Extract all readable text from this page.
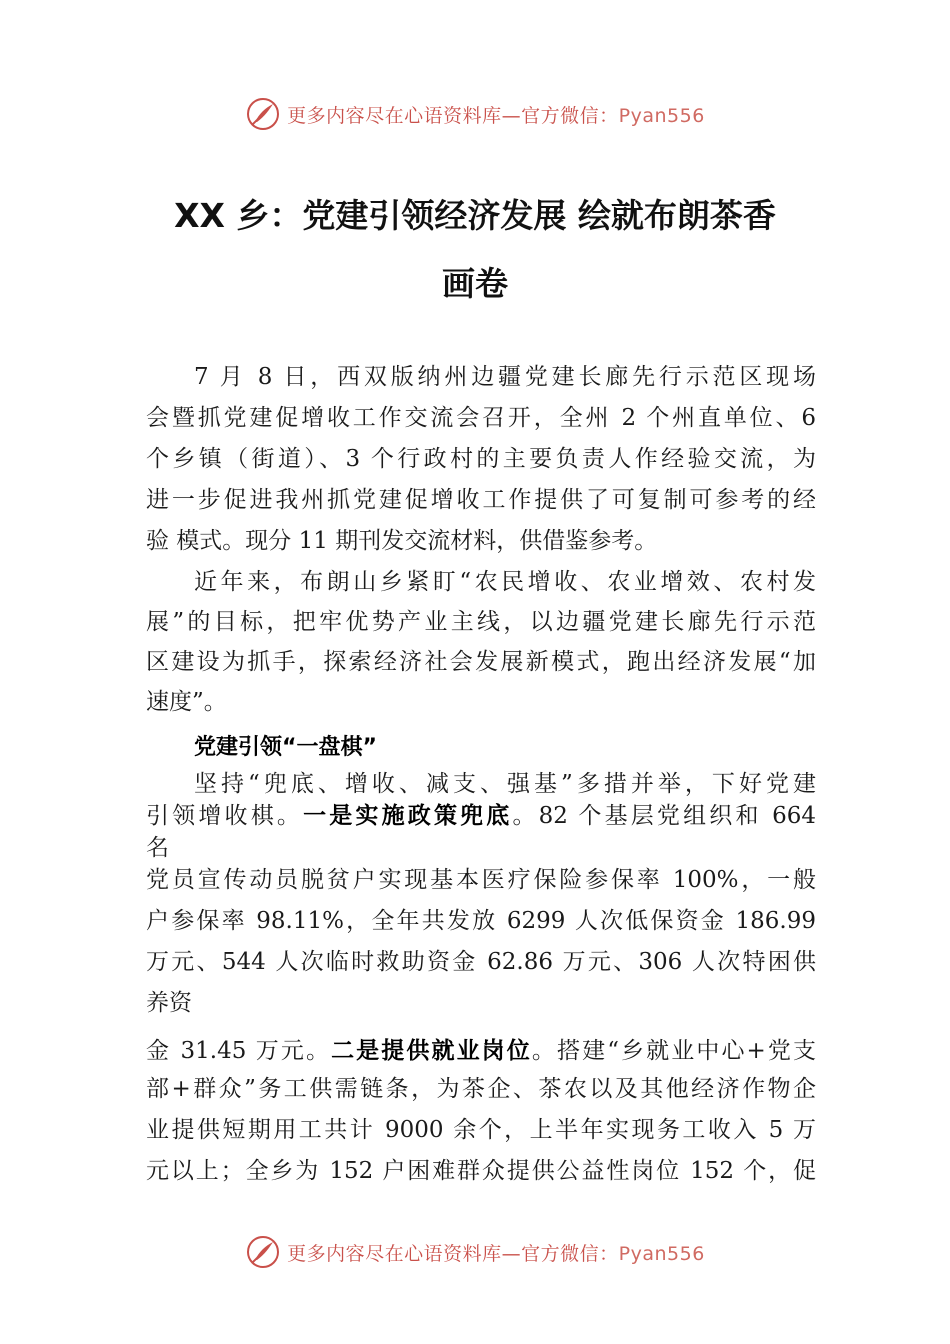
更多内容尽在心语资料库—官方微信：Pyan556
XX 乡：党建引领经济发展 绘就布朗茶香
画卷
7 月 8 日，西双版纳州边疆党建长廊先行示范区现场
会暨抓党建促增收工作交流会召开，全州 2 个州直单位、6
个乡镇（街道）、3 个行政村的主要负责人作经验交流，为
进一步促进我州抓党建促增收工作提供了可复制可参考的经
验 模式。现分 11 期刊发交流材料，供借鉴参考。
近年来，布朗山乡紧盯“农民增收、农业增效、农村发
展”的目标，把牢优势产业主线，以边疆党建长廊先行示范
区建设为抓手，探索经济社会发展新模式，跑出经济发展“加
速度”。
党建引领“一盘棋”
坚持“兜底、增收、减支、强基”多措并举，下好党建
引领增收棋。一是实施政策兜底。82 个基层党组织和 664
名
党员宣传动员脱贫户实现基本医疗保险参保率 100%，一般
户参保率 98.11%，全年共发放 6299 人次低保资金 186.99
万元、544 人次临时救助资金 62.86 万元、306 人次特困供
养资
金 31.45 万元。二是提供就业岗位。搭建“乡就业中心+党支
部+群众”务工供需链条，为茶企、茶农以及其他经济作物企
业提供短期用工共计 9000 余个，上半年实现务工收入 5 万
元以上；全乡为 152 户困难群众提供公益性岗位 152 个，促
更多内容尽在心语资料库—官方微信：Pyan556
